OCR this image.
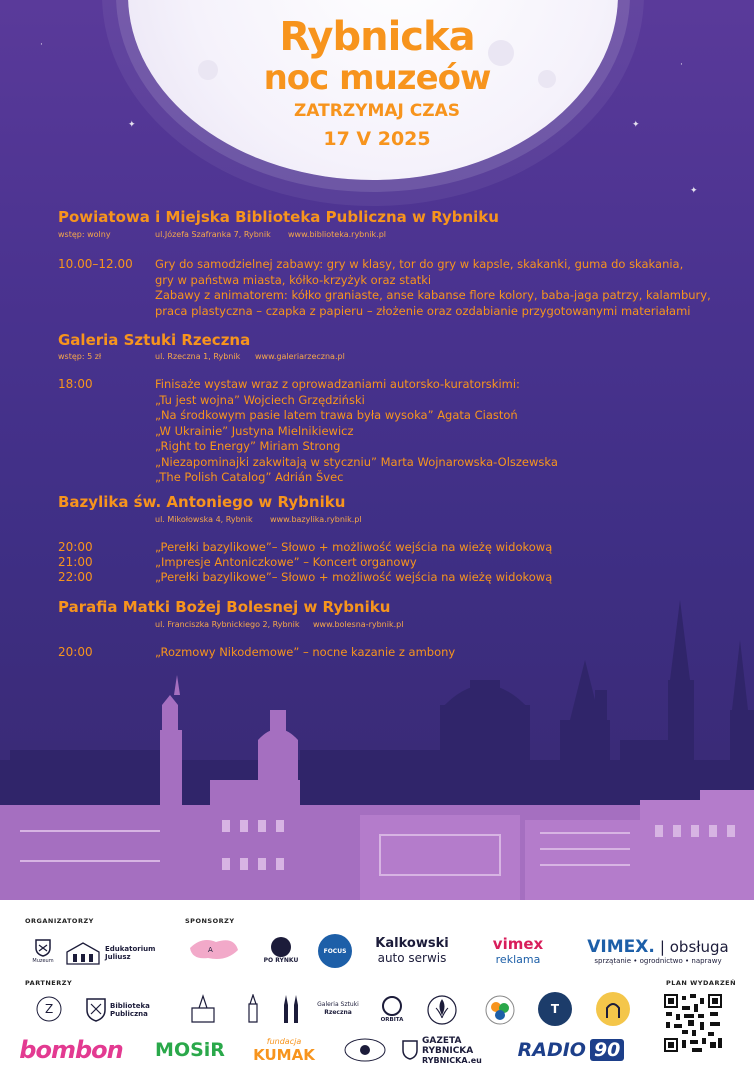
✦	✦
✦
·
·
Rybnicka
noc muzeów
ZATRZYMAJ CZAS
17 V 2025
Powiatowa i Miejska Biblioteka Publiczna w Rybniku
wstęp: wolny	ul.Józefa Szafranka 7, Rybnik www.biblioteka.rybnik.pl
10.00–12.00 Gry do samodzielnej zabawy: gry w klasy, tor do gry w kapsle, skakanki, guma do skakania,
gry w państwa miasta, kółko-krzyżyk oraz statki
Zabawy z animatorem: kółko graniaste, anse kabanse flore kolory, baba-jaga patrzy, kalambury,
praca plastyczna – czapka z papieru – złożenie oraz ozdabianie przygotowanymi materiałami
Galeria Sztuki Rzeczna
wstęp: 5 zł	ul. Rzeczna 1, Rybnik www.galeriarzeczna.pl
18:00	Finisaże wystaw wraz z oprowadzaniami autorsko-kuratorskimi:
„Tu jest wojna” Wojciech Grzędziński
„Na środkowym pasie latem trawa była wysoka” Agata Ciastoń
„W Ukrainie” Justyna Mielnikiewicz
„Right to Energy” Miriam Strong
„Niezapominajki zakwitają w styczniu” Marta Wojnarowska-Olszewska
„The Polish Catalog” Adrián Švec
Bazylika św. Antoniego w Rybniku
ul. Mikołowska 4, Rybnik www.bazylika.rybnik.pl
20:00	„Perełki bazylikowe”– Słowo + możliwość wejścia na wieżę widokową
21:00	„Impresje Antoniczkowe” – Koncert organowy
22:00	„Perełki bazylikowe”– Słowo + możliwość wejścia na wieżę widokową
Parafia Matki Bożej Bolesnej w Rybniku
ul. Franciszka Rybnickiego 2, Rybnik www.bolesna-rybnik.pl
20:00	„Rozmowy Nikodemowe” – nocne kazanie z ambony
ORGANIZATORZY	SPONSORZY
PARTNERZY	PLAN WYDARZEŃ
Muzeum
Edukatorium
Juliusz
A
PO RYNKU
FOCUS
Kalkowski
auto serwis
vimex
reklama
VIMEX. | obsługa
sprzątanie • ogrodnictwo • naprawy
Z	Biblioteka
Publiczna
Galeria Sztuki
Rzeczna
ORBITA
T
bombon MOSiR	fundacja
KUMAK
GAZETA
RYBNICKA
RYBNICKA.eu RADIO 90
